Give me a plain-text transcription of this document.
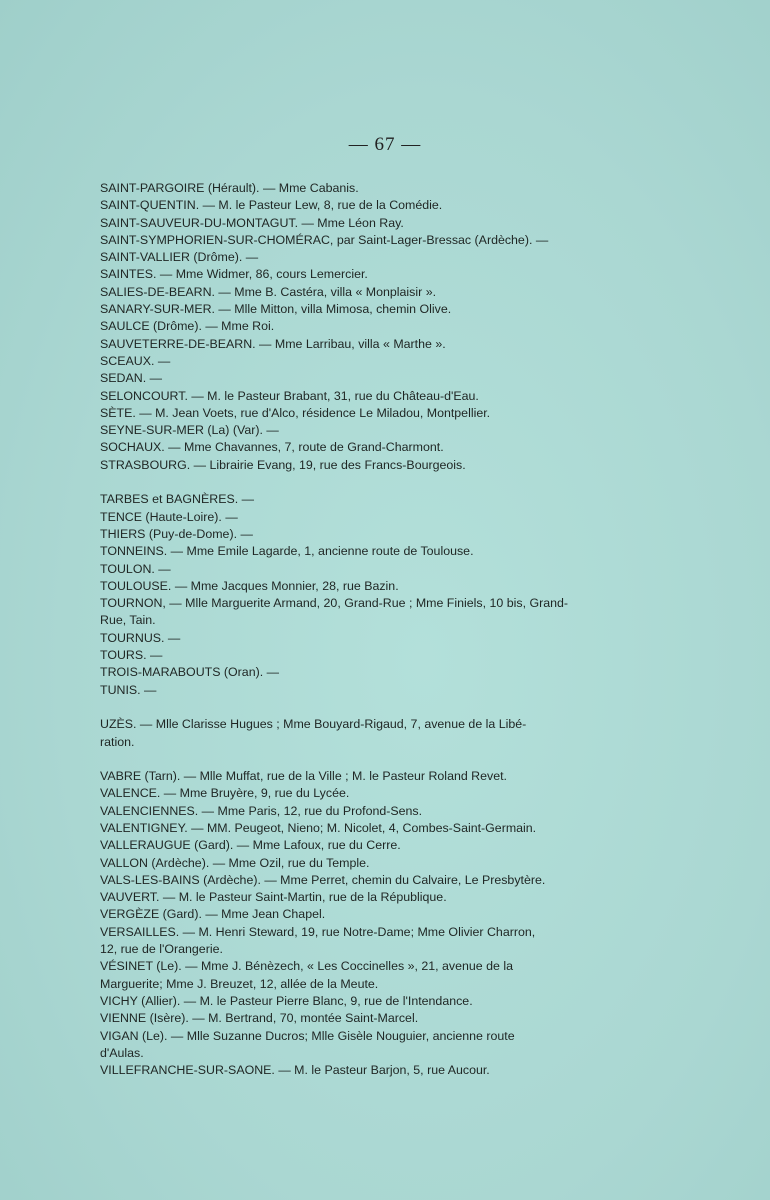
— 67 —
SAINT-PARGOIRE (Hérault). — Mme Cabanis.
SAINT-QUENTIN. — M. le Pasteur Lew, 8, rue de la Comédie.
SAINT-SAUVEUR-DU-MONTAGUT. — Mme Léon Ray.
SAINT-SYMPHORIEN-SUR-CHOMÉRAC, par Saint-Lager-Bressac (Ardèche). —
SAINT-VALLIER (Drôme). —
SAINTES. — Mme Widmer, 86, cours Lemercier.
SALIES-DE-BEARN. — Mme B. Castéra, villa « Monplaisir ».
SANARY-SUR-MER. — Mlle Mitton, villa Mimosa, chemin Olive.
SAULCE (Drôme). — Mme Roi.
SAUVETERRE-DE-BEARN. — Mme Larribau, villa « Marthe ».
SCEAUX. —
SEDAN. —
SELONCOURT. — M. le Pasteur Brabant, 31, rue du Château-d'Eau.
SÈTE. — M. Jean Voets, rue d'Alco, résidence Le Miladou, Montpellier.
SEYNE-SUR-MER (La) (Var). —
SOCHAUX. — Mme Chavannes, 7, route de Grand-Charmont.
STRASBOURG. — Librairie Evang, 19, rue des Francs-Bourgeois.
TARBES et BAGNÈRES. —
TENCE (Haute-Loire). —
THIERS (Puy-de-Dome). —
TONNEINS. — Mme Emile Lagarde, 1, ancienne route de Toulouse.
TOULON. —
TOULOUSE. — Mme Jacques Monnier, 28, rue Bazin.
TOURNON, — Mlle Marguerite Armand, 20, Grand-Rue ; Mme Finiels, 10 bis, Grand-
Rue, Tain.
TOURNUS. —
TOURS. —
TROIS-MARABOUTS (Oran). —
TUNIS. —
UZÈS. — Mlle Clarisse Hugues ; Mme Bouyard-Rigaud, 7, avenue de la Libé-
ration.
VABRE (Tarn). — Mlle Muffat, rue de la Ville ; M. le Pasteur Roland Revet.
VALENCE. — Mme Bruyère, 9, rue du Lycée.
VALENCIENNES. — Mme Paris, 12, rue du Profond-Sens.
VALENTIGNEY. — MM. Peugeot, Nieno; M. Nicolet, 4, Combes-Saint-Germain.
VALLERAUGUE (Gard). — Mme Lafoux, rue du Cerre.
VALLON (Ardèche). — Mme Ozil, rue du Temple.
VALS-LES-BAINS (Ardèche). — Mme Perret, chemin du Calvaire, Le Presbytère.
VAUVERT. — M. le Pasteur Saint-Martin, rue de la République.
VERGÈZE (Gard). — Mme Jean Chapel.
VERSAILLES. — M. Henri Steward, 19, rue Notre-Dame; Mme Olivier Charron,
12, rue de l'Orangerie.
VÉSINET (Le). — Mme J. Bénèzech, « Les Coccinelles », 21, avenue de la
Marguerite; Mme J. Breuzet, 12, allée de la Meute.
VICHY (Allier). — M. le Pasteur Pierre Blanc, 9, rue de l'Intendance.
VIENNE (Isère). — M. Bertrand, 70, montée Saint-Marcel.
VIGAN (Le). — Mlle Suzanne Ducros; Mlle Gisèle Nouguier, ancienne route
d'Aulas.
VILLEFRANCHE-SUR-SAONE. — M. le Pasteur Barjon, 5, rue Aucour.
